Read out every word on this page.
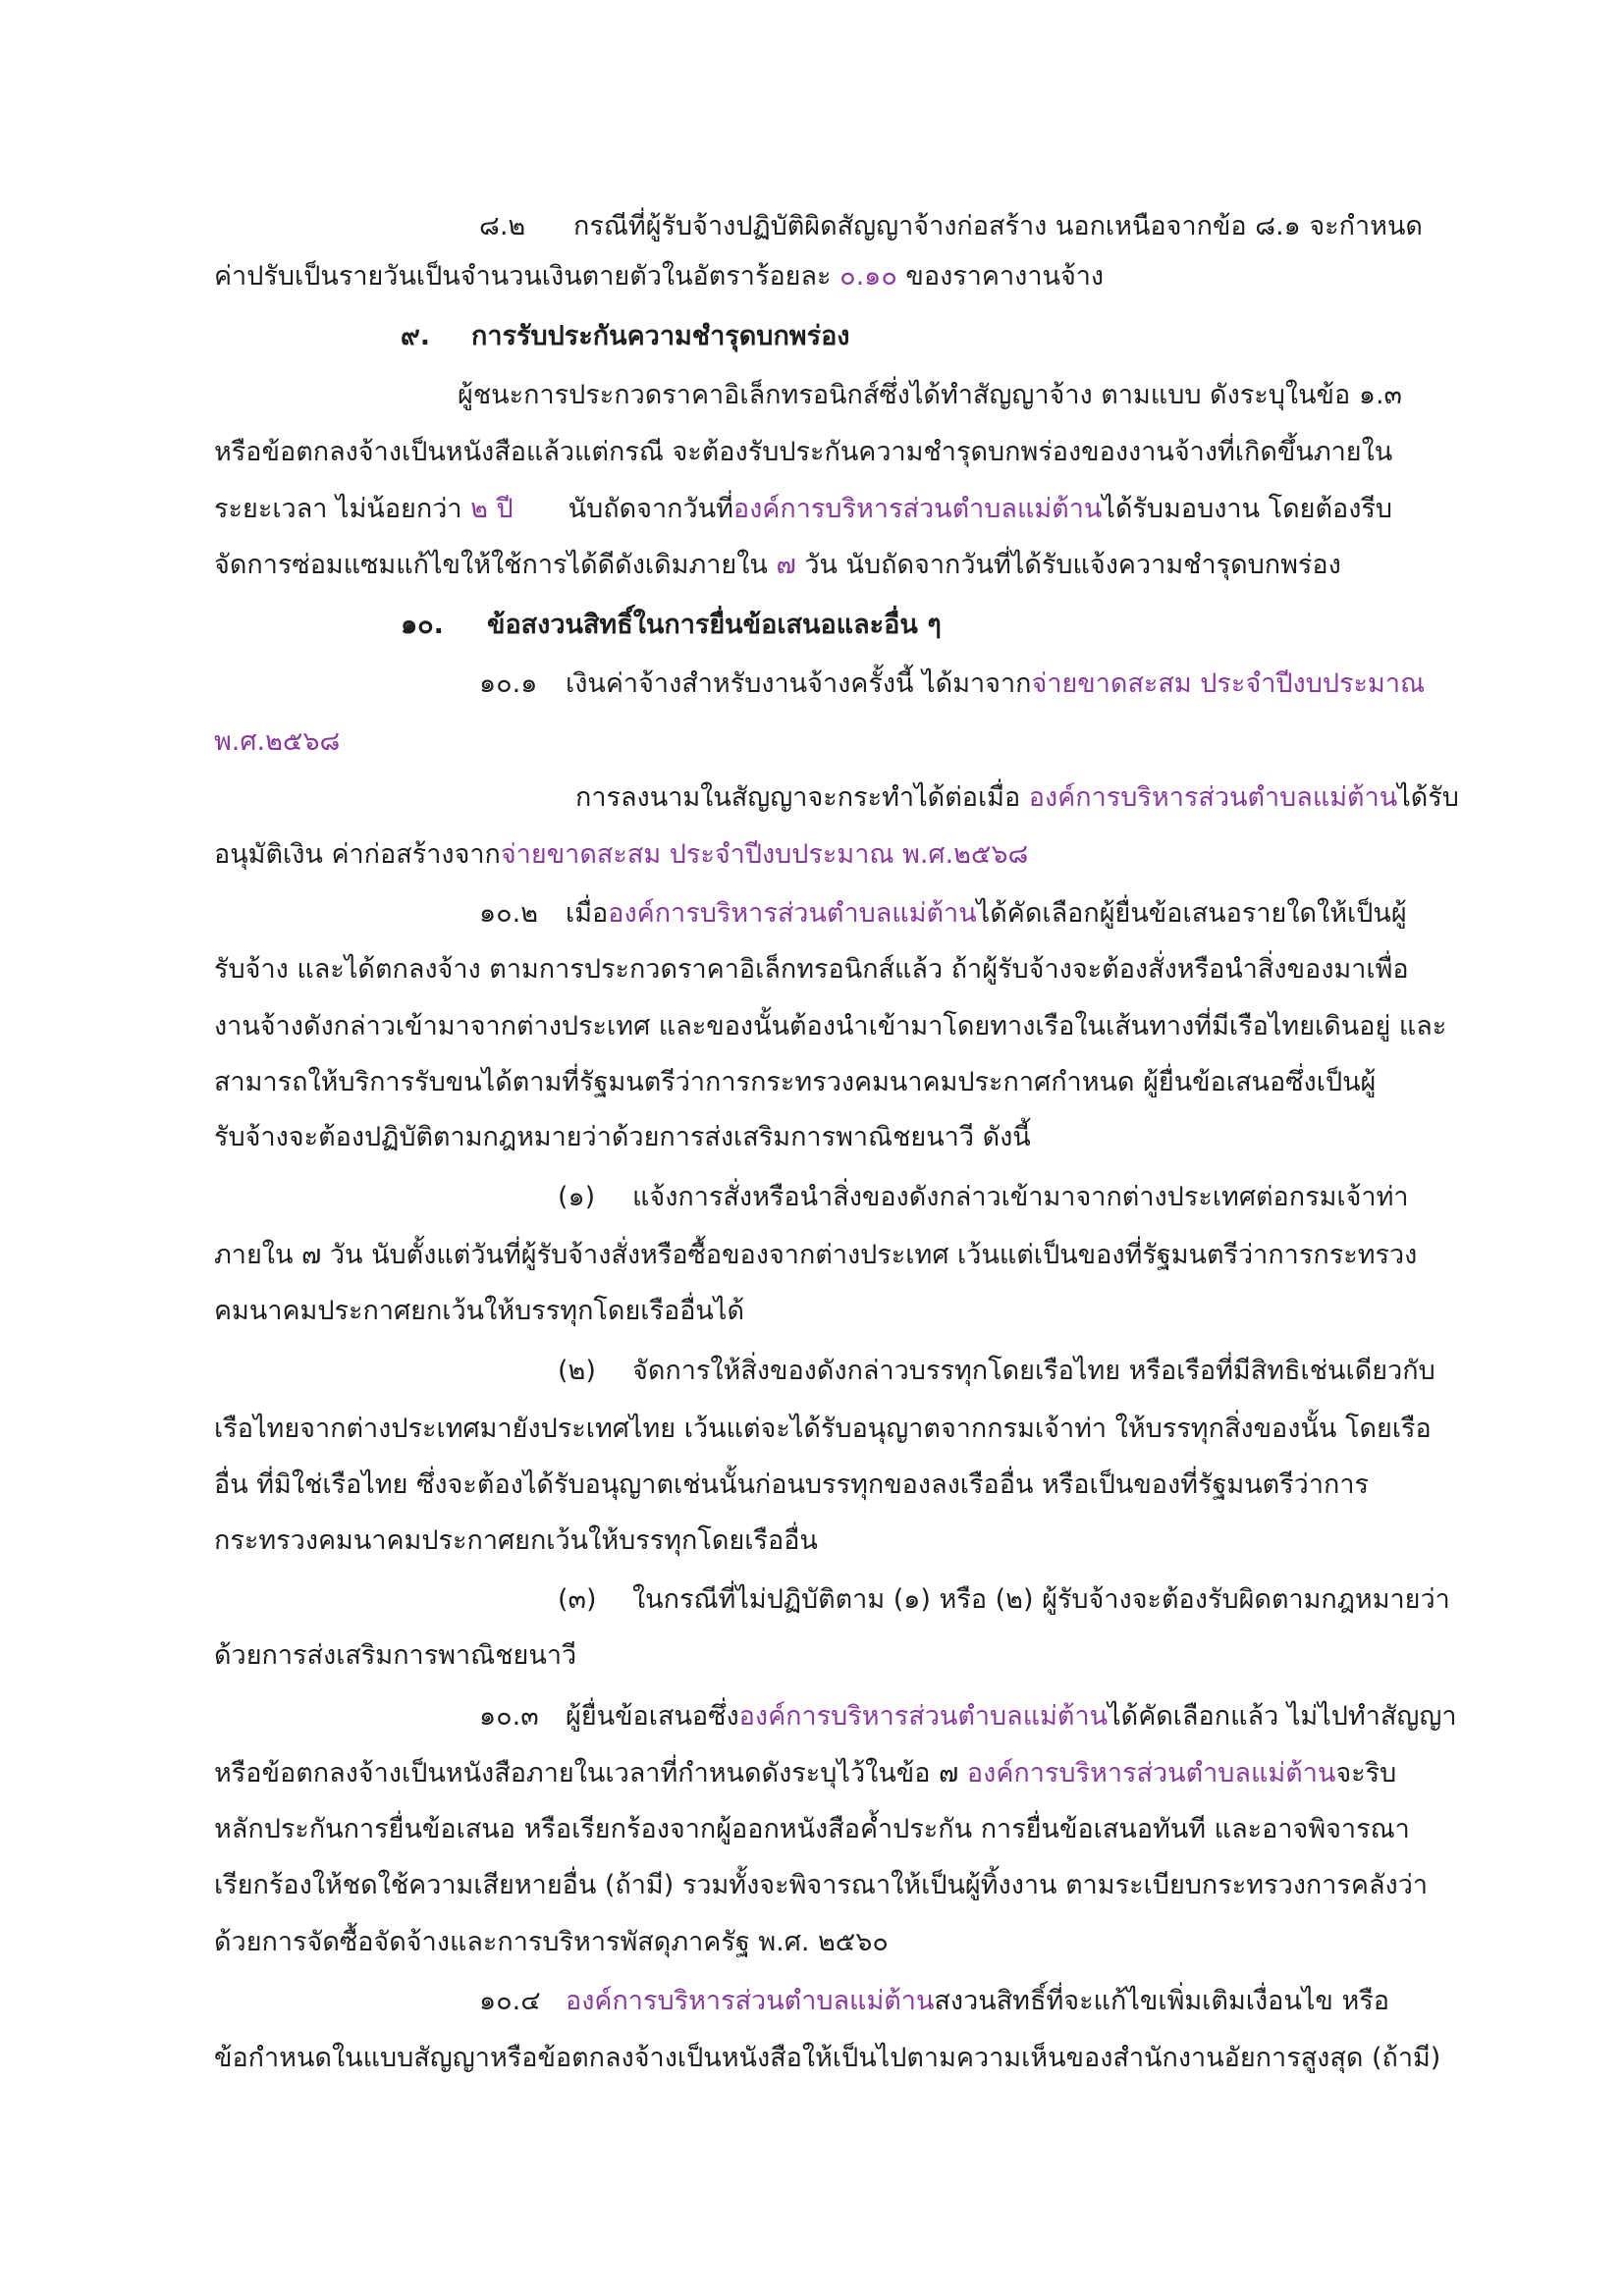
๘.๒ กรณีที่ผู้รับจ้างปฏิบัติผิดสัญญาจ้างก่อสร้าง นอกเหนือจากข้อ ๘.๑ จะกำหนด
ค่าปรับเป็นรายวันเป็นจำนวนเงินตายตัวในอัตราร้อยละ ๐.๑๐ ของราคางานจ้าง
๙. การรับประกันความชำรุดบกพร่อง
ผู้ชนะการประกวดราคาอิเล็กทรอนิกส์ซึ่งได้ทำสัญญาจ้าง ตามแบบ ดังระบุในข้อ ๑.๓
หรือข้อตกลงจ้างเป็นหนังสือแล้วแต่กรณี จะต้องรับประกันความชำรุดบกพร่องของงานจ้างที่เกิดขึ้นภายใน
ระยะเวลา ไม่น้อยกว่า ๒ ปี นับถัดจากวันที่องค์การบริหารส่วนตำบลแม่ต้านได้รับมอบงาน โดยต้องรีบ
จัดการซ่อมแซมแก้ไขให้ใช้การได้ดีดังเดิมภายใน ๗ วัน นับถัดจากวันที่ได้รับแจ้งความชำรุดบกพร่อง
๑๐. ข้อสงวนสิทธิ์ในการยื่นข้อเสนอและอื่น ๆ
๑๐.๑ เงินค่าจ้างสำหรับงานจ้างครั้งนี้ ได้มาจากจ่ายขาดสะสม ประจำปีงบประมาณ
พ.ศ.๒๕๖๘
การลงนามในสัญญาจะกระทำได้ต่อเมื่อ องค์การบริหารส่วนตำบลแม่ต้านได้รับ
อนุมัติเงิน ค่าก่อสร้างจากจ่ายขาดสะสม ประจำปีงบประมาณ พ.ศ.๒๕๖๘
๑๐.๒ เมื่อองค์การบริหารส่วนตำบลแม่ต้านได้คัดเลือกผู้ยื่นข้อเสนอรายใดให้เป็นผู้
รับจ้าง และได้ตกลงจ้าง ตามการประกวดราคาอิเล็กทรอนิกส์แล้ว ถ้าผู้รับจ้างจะต้องสั่งหรือนำสิ่งของมาเพื่อ
งานจ้างดังกล่าวเข้ามาจากต่างประเทศ และของนั้นต้องนำเข้ามาโดยทางเรือในเส้นทางที่มีเรือไทยเดินอยู่ และ
สามารถให้บริการรับขนได้ตามที่รัฐมนตรีว่าการกระทรวงคมนาคมประกาศกำหนด ผู้ยื่นข้อเสนอซึ่งเป็นผู้
รับจ้างจะต้องปฏิบัติตามกฎหมายว่าด้วยการส่งเสริมการพาณิชยนาวี ดังนี้
(๑) แจ้งการสั่งหรือนำสิ่งของดังกล่าวเข้ามาจากต่างประเทศต่อกรมเจ้าท่า
ภายใน ๗ วัน นับตั้งแต่วันที่ผู้รับจ้างสั่งหรือซื้อของจากต่างประเทศ เว้นแต่เป็นของที่รัฐมนตรีว่าการกระทรวง
คมนาคมประกาศยกเว้นให้บรรทุกโดยเรืออื่นได้
(๒) จัดการให้สิ่งของดังกล่าวบรรทุกโดยเรือไทย หรือเรือที่มีสิทธิเช่นเดียวกับ
เรือไทยจากต่างประเทศมายังประเทศไทย เว้นแต่จะได้รับอนุญาตจากกรมเจ้าท่า ให้บรรทุกสิ่งของนั้น โดยเรือ
อื่น ที่มิใช่เรือไทย ซึ่งจะต้องได้รับอนุญาตเช่นนั้นก่อนบรรทุกของลงเรืออื่น หรือเป็นของที่รัฐมนตรีว่าการ
กระทรวงคมนาคมประกาศยกเว้นให้บรรทุกโดยเรืออื่น
(๓) ในกรณีที่ไม่ปฏิบัติตาม (๑) หรือ (๒) ผู้รับจ้างจะต้องรับผิดตามกฎหมายว่า
ด้วยการส่งเสริมการพาณิชยนาวี
๑๐.๓ ผู้ยื่นข้อเสนอซึ่งองค์การบริหารส่วนตำบลแม่ต้านได้คัดเลือกแล้ว ไม่ไปทำสัญญา
หรือข้อตกลงจ้างเป็นหนังสือภายในเวลาที่กำหนดดังระบุไว้ในข้อ ๗ องค์การบริหารส่วนตำบลแม่ต้านจะริบ
หลักประกันการยื่นข้อเสนอ หรือเรียกร้องจากผู้ออกหนังสือค้ำประกัน การยื่นข้อเสนอทันที และอาจพิจารณา
เรียกร้องให้ชดใช้ความเสียหายอื่น (ถ้ามี) รวมทั้งจะพิจารณาให้เป็นผู้ทิ้งงาน ตามระเบียบกระทรวงการคลังว่า
ด้วยการจัดซื้อจัดจ้างและการบริหารพัสดุภาครัฐ พ.ศ. ๒๕๖๐
๑๐.๔ องค์การบริหารส่วนตำบลแม่ต้านสงวนสิทธิ์ที่จะแก้ไขเพิ่มเติมเงื่อนไข หรือ
ข้อกำหนดในแบบสัญญาหรือข้อตกลงจ้างเป็นหนังสือให้เป็นไปตามความเห็นของสำนักงานอัยการสูงสุด (ถ้ามี)
